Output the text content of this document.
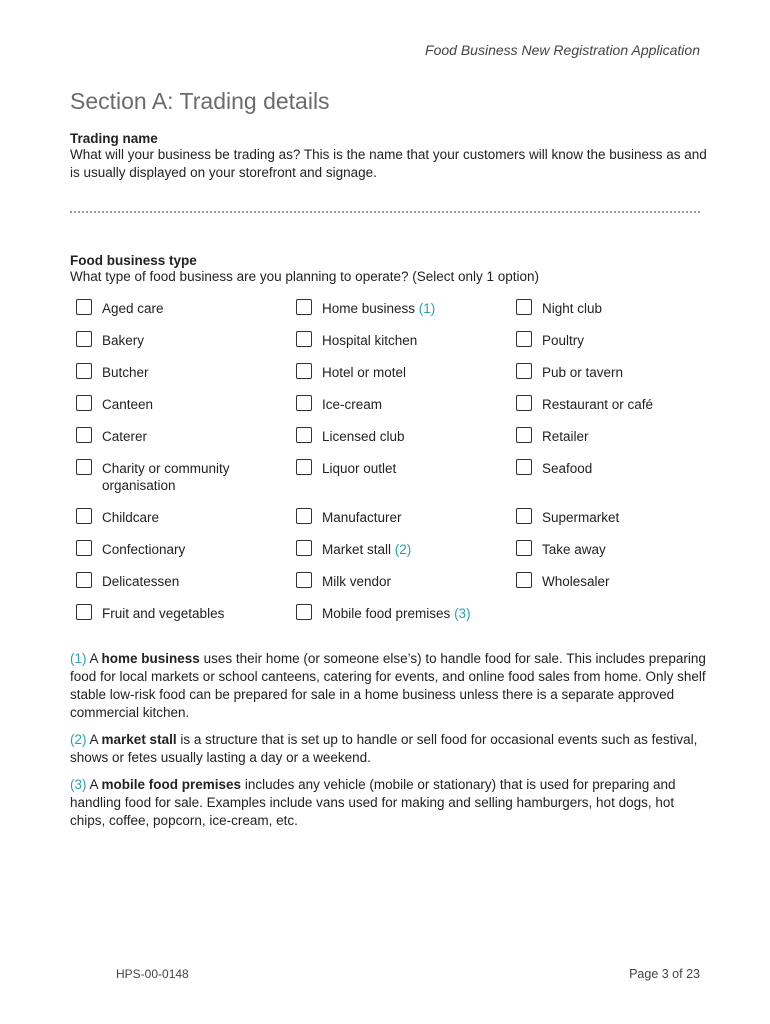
Food Business New Registration Application
Section A: Trading details
Trading name
What will your business be trading as? This is the name that your customers will know the business as and is usually displayed on your storefront and signage.
Food business type
What type of food business are you planning to operate? (Select only 1 option)
Aged care
Bakery
Butcher
Canteen
Caterer
Charity or community organisation
Childcare
Confectionary
Delicatessen
Fruit and vegetables
Home business (1)
Hospital kitchen
Hotel or motel
Ice-cream
Licensed club
Liquor outlet
Manufacturer
Market stall (2)
Milk vendor
Mobile food premises (3)
Night club
Poultry
Pub or tavern
Restaurant or café
Retailer
Seafood
Supermarket
Take away
Wholesaler

(1) A home business uses their home (or someone else’s) to handle food for sale. This includes preparing food for local markets or school canteens, catering for events, and online food sales from home. Only shelf stable low-risk food can be prepared for sale in a home business unless there is a separate approved commercial kitchen.

(2) A market stall is a structure that is set up to handle or sell food for occasional events such as festival, shows or fetes usually lasting a day or a weekend.

(3) A mobile food premises includes any vehicle (mobile or stationary) that is used for preparing and handling food for sale. Examples include vans used for making and selling hamburgers, hot dogs, hot chips, coffee, popcorn, ice-cream, etc.

HPS-00-0148	Page 3 of 23
